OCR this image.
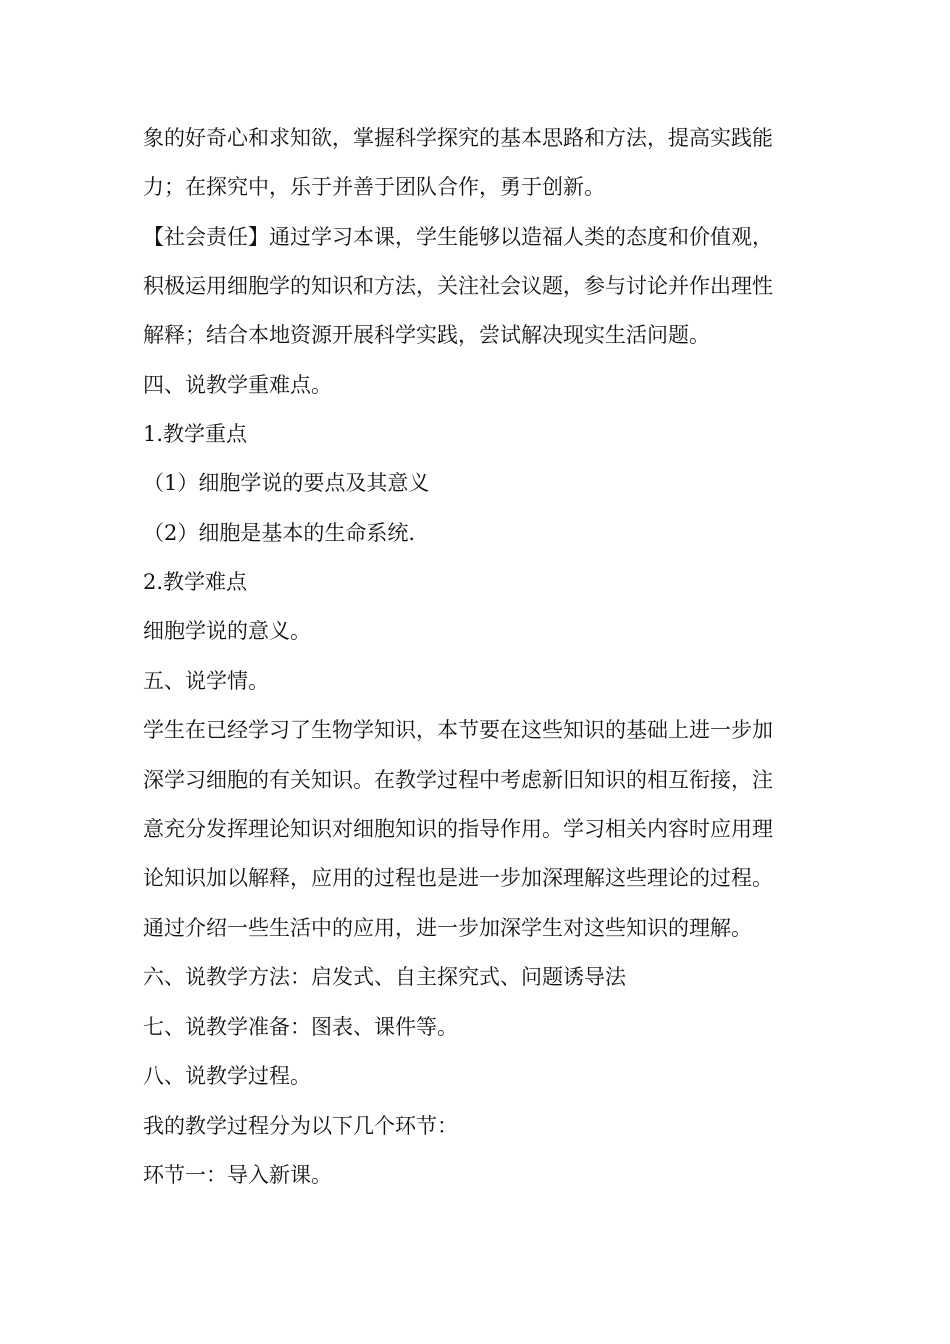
象的好奇心和求知欲，掌握科学探究的基本思路和方法，提高实践能
力；在探究中，乐于并善于团队合作，勇于创新。
【社会责任】通过学习本课，学生能够以造福人类的态度和价值观，
积极运用细胞学的知识和方法，关注社会议题，参与讨论并作出理性
解释；结合本地资源开展科学实践，尝试解决现实生活问题。
四、说教学重难点。
1.教学重点
（1）细胞学说的要点及其意义
（2）细胞是基本的生命系统.
2.教学难点
细胞学说的意义。
五、说学情。
学生在已经学习了生物学知识，本节要在这些知识的基础上进一步加
深学习细胞的有关知识。在教学过程中考虑新旧知识的相互衔接，注
意充分发挥理论知识对细胞知识的指导作用。学习相关内容时应用理
论知识加以解释，应用的过程也是进一步加深理解这些理论的过程。
通过介绍一些生活中的应用，进一步加深学生对这些知识的理解。
六、说教学方法：启发式、自主探究式、问题诱导法
七、说教学准备：图表、课件等。
八、说教学过程。
我的教学过程分为以下几个环节：
环节一：导入新课。
